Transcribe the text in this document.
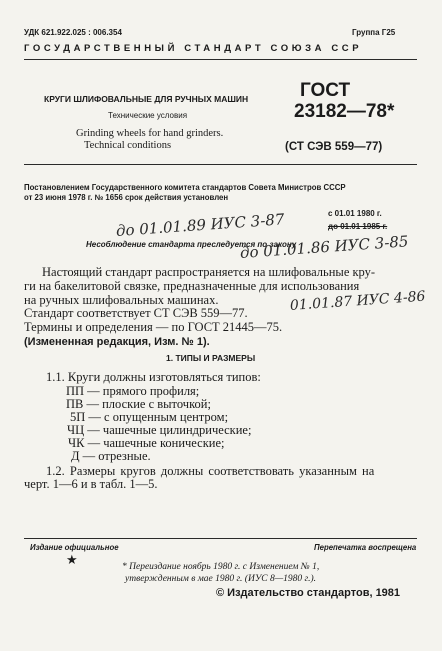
УДК 621.922.025 : 006.354	Группа Г25
ГОСУДАРСТВЕННЫЙ СТАНДАРТ СОЮЗА ССР
КРУГИ ШЛИФОВАЛЬНЫЕ ДЛЯ РУЧНЫХ МАШИН
Технические условия
Grinding wheels for hand grinders.
Technical conditions
ГОСТ
23182—78*
(СТ СЭВ 559—77)
Постановлением Государственного комитета стандартов Совета Министров СССР
от 23 июня 1978 г. № 1656 срок действия установлен
с 01.01 1980 г.
до 01.01 1985 г.
Несоблюдение стандарта преследуется по закону
до 01.01.89 ИУС 3-87
до 01.01.86 ИУС 3-85
01.01.87 ИУС 4-86
Настоящий стандарт распространяется на шлифовальные кру-
ги на бакелитовой связке, предназначенные для использования
на ручных шлифовальных машинах.
Стандарт соответствует СТ СЭВ 559—77.
Термины и определения — по ГОСТ 21445—75.
(Измененная редакция, Изм. № 1).
1. ТИПЫ И РАЗМЕРЫ
1.1. Круги должны изготовляться типов:
ПП — прямого профиля;
ПВ — плоские с выточкой;
5П — с опущенным центром;
ЧЦ — чашечные цилиндрические;
ЧК — чашечные конические;
Д — отрезные.
1.2. Размеры кругов должны соответствовать указанным на
черт. 1—6 и в табл. 1—5.
Издание официальное	Перепечатка воспрещена
★	* Переиздание ноябрь 1980 г. с Изменением № 1,
утвержденным в мае 1980 г. (ИУС 8—1980 г.).
© Издательство стандартов, 1981
